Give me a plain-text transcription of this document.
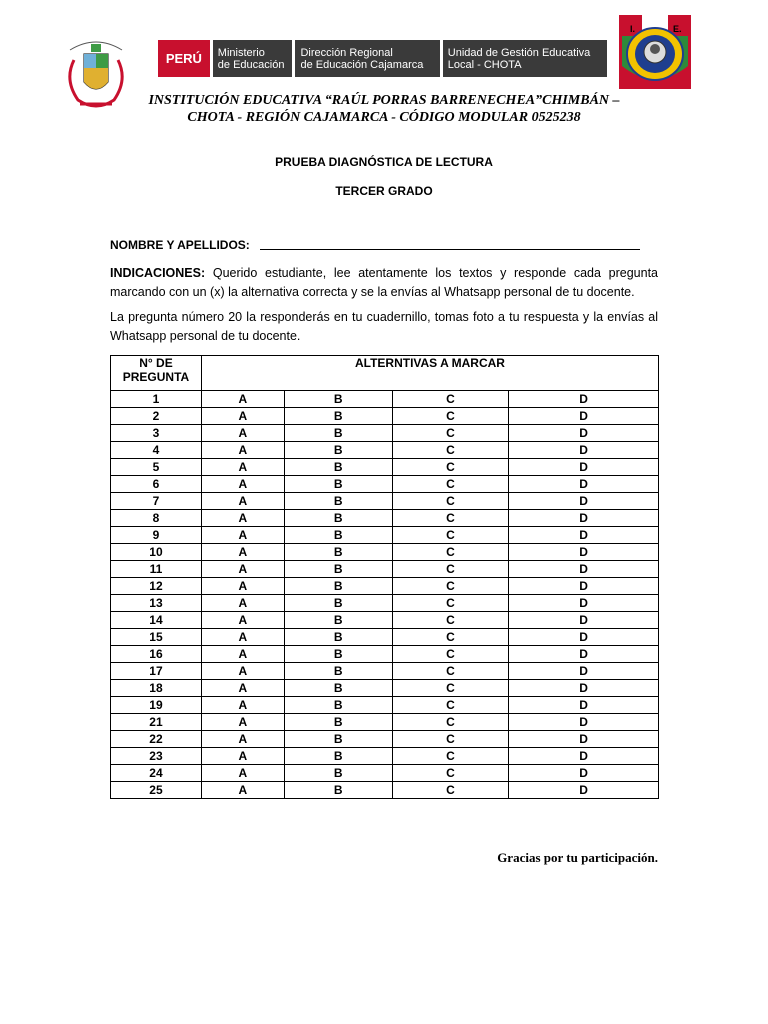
PERÚ Ministerio
de Educación
Dirección Regional
de Educación Cajamarca
Unidad de Gestión Educativa
Local - CHOTA
I.	E.
INSTITUCIÓN EDUCATIVA “RAÚL PORRAS BARRENECHEA”CHIMBÁN –
CHOTA - REGIÓN CAJAMARCA - CÓDIGO MODULAR 0525238
PRUEBA DIAGNÓSTICA DE LECTURA
TERCER GRADO
NOMBRE Y APELLIDOS:
INDICACIONES: Querido estudiante, lee atentamente los textos y responde cada pregunta marcando con un (x) la alternativa correcta y se la envías al Whatsapp personal de tu docente.
La pregunta número 20 la responderás en tu cuadernillo, tomas foto a tu respuesta y la envías al Whatsapp personal de tu docente.
N° DE PREGUNTA	ALTERNTIVAS A MARCAR			
1	A	B	C	D
2	A	B	C	D
3	A	B	C	D
4	A	B	C	D
5	A	B	C	D
6	A	B	C	D
7	A	B	C	D
8	A	B	C	D
9	A	B	C	D
10	A	B	C	D
11	A	B	C	D
12	A	B	C	D
13	A	B	C	D
14	A	B	C	D
15	A	B	C	D
16	A	B	C	D
17	A	B	C	D
18	A	B	C	D
19	A	B	C	D
21	A	B	C	D
22	A	B	C	D
23	A	B	C	D
24	A	B	C	D
25	A	B	C	D
Gracias por tu participación.
